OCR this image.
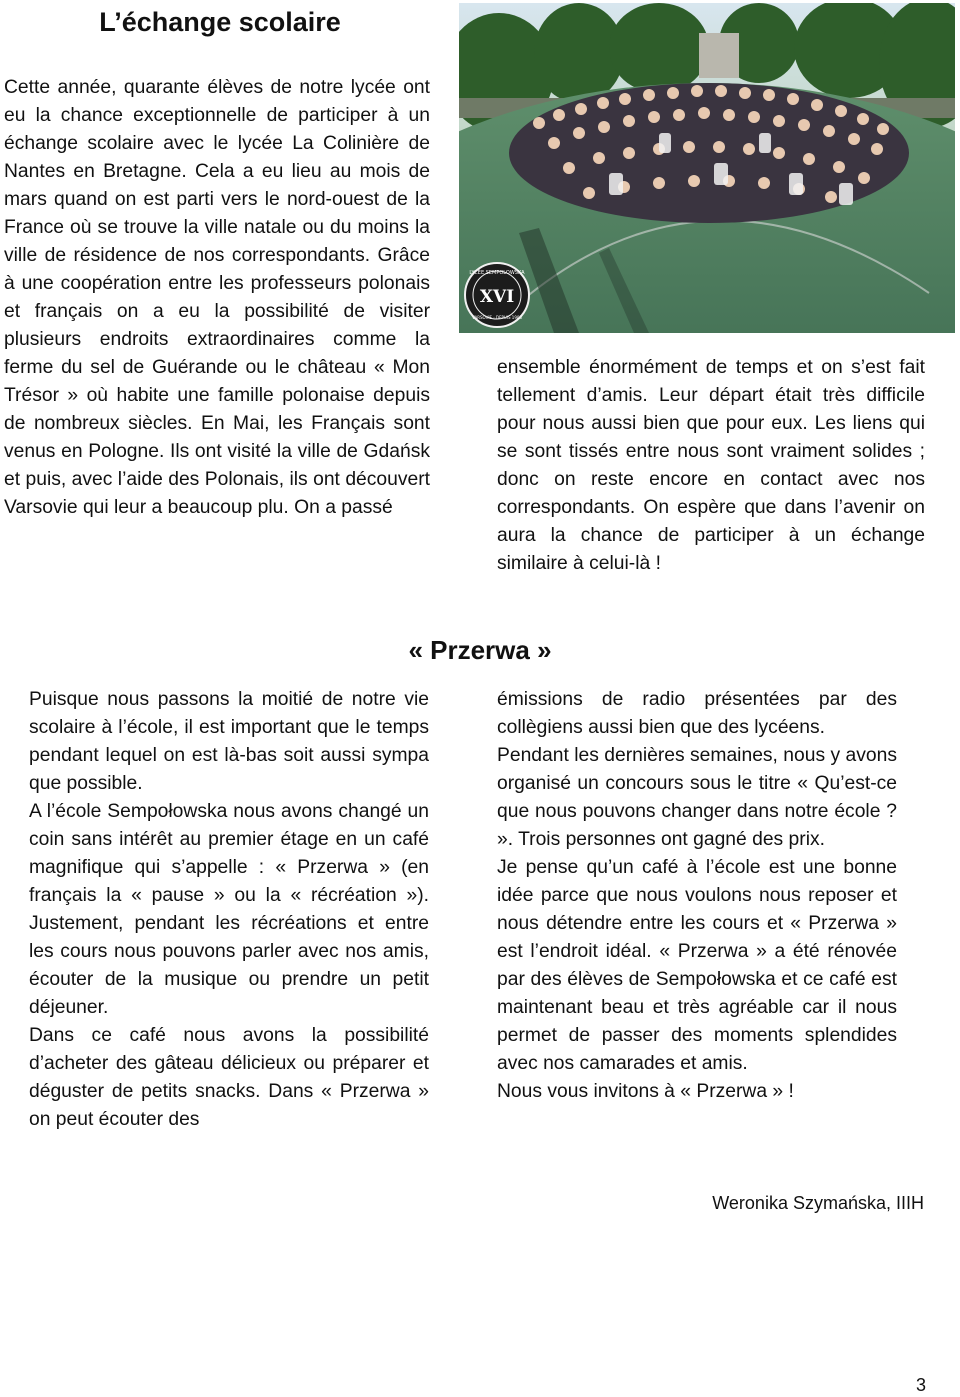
L’échange scolaire

Cette année, quarante élèves de notre lycée ont eu la chance exceptionnelle de participer à un échange scolaire avec le lycée La Colinière de Nantes en Bretagne. Cela a eu lieu au mois de mars quand on est parti vers le nord-ouest de la France où se trouve la ville natale ou du moins la ville de résidence de nos correspondants. Grâce à une coopération entre les professeurs polonais et français on a eu la possibilité de visiter plusieurs endroits extraordinaires comme la ferme du sel de Guérande ou le château « Mon Trésor » où habite une famille polonaise depuis de nombreux siècles. En Mai, les Français sont venus en Pologne. Ils ont visité la ville de Gdańsk et puis, avec l’aide des Polonais, ils ont découvert Varsovie qui leur a beaucoup plu. On a passé

XVI
LYCÉE SEMPOLOWSKA
VARSOVIE · DEPUIS 1903

ensemble énormément de temps et on s’est fait tellement d’amis. Leur départ était très difficile pour nous aussi bien que pour eux. Les liens qui se sont tissés entre nous sont vraiment solides ; donc on reste encore en contact avec nos correspondants. On espère que dans l’avenir on aura la chance de participer à un échange similaire à celui-là !

« Przerwa »

Puisque nous passons la moitié de notre vie scolaire à l’école, il est important que le temps pendant lequel on est là-bas soit aussi sympa que possible.

A l’école Sempołowska nous avons changé un coin sans intérêt au premier étage en un café magnifique qui s’appelle : « Przerwa » (en français la « pause » ou la « récréation »). Justement, pendant les récréations et entre les cours nous pouvons parler avec nos amis, écouter de la musique ou prendre un petit déjeuner.

Dans ce café nous avons la possibilité d’acheter des gâteau délicieux ou préparer et déguster de petits snacks. Dans « Przerwa » on peut écouter des

émissions de radio présentées par des collègiens aussi bien que des lycéens.

Pendant les dernières semaines, nous y avons organisé un concours sous le titre « Qu’est-ce que nous pouvons changer dans notre école ? ». Trois personnes ont gagné des prix.

Je pense qu’un café à l’école est une bonne idée parce que nous voulons nous reposer et nous détendre entre les cours et « Przerwa » est l’endroit idéal. « Przerwa » a été rénovée par des élèves de Sempołowska et ce café est maintenant beau et très agréable car il nous permet de passer des moments splendides avec nos camarades et amis.

Nous vous invitons à « Przerwa » !

Weronika Szymańska, IIIH
3
